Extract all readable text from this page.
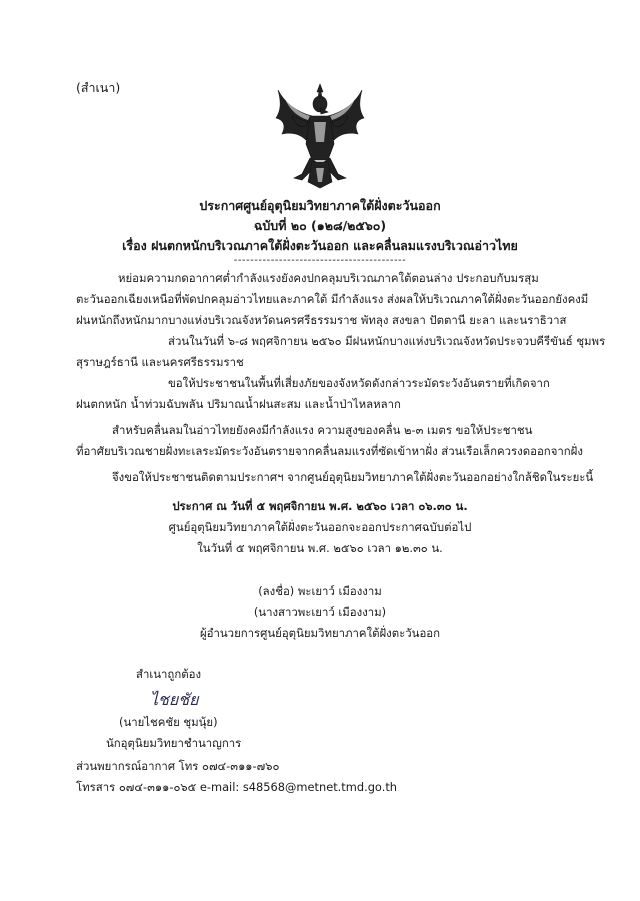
(สำเนา)
ประกาศศูนย์อุตุนิยมวิทยาภาคใต้ฝั่งตะวันออก
ฉบับที่ ๒๐ (๑๒๘/๒๕๖๐)
เรื่อง ฝนตกหนักบริเวณภาคใต้ฝั่งตะวันออก และคลื่นลมแรงบริเวณอ่าวไทย
------------------------------------------
หย่อมความกดอากาศต่ำกำลังแรงยังคงปกคลุมบริเวณภาคใต้ตอนล่าง ประกอบกับมรสุม
ตะวันออกเฉียงเหนือที่พัดปกคลุมอ่าวไทยและภาคใต้ มีกำลังแรง ส่งผลให้บริเวณภาคใต้ฝั่งตะวันออกยังคงมี
ฝนหนักถึงหนักมากบางแห่งบริเวณจังหวัดนครศรีธรรมราช พัทลุง สงขลา ปัตตานี ยะลา และนราธิวาส
ส่วนในวันที่ ๖-๘ พฤศจิกายน ๒๕๖๐ มีฝนหนักบางแห่งบริเวณจังหวัดประจวบคีรีขันธ์ ชุมพร
สุราษฎร์ธานี และนครศรีธรรมราช
ขอให้ประชาชนในพื้นที่เสี่ยงภัยของจังหวัดดังกล่าวระมัดระวังอันตรายที่เกิดจาก
ฝนตกหนัก น้ำท่วมฉับพลัน ปริมาณน้ำฝนสะสม และน้ำป่าไหลหลาก
สำหรับคลื่นลมในอ่าวไทยยังคงมีกำลังแรง ความสูงของคลื่น ๒-๓ เมตร ขอให้ประชาชน
ที่อาศัยบริเวณชายฝั่งทะเลระมัดระวังอันตรายจากคลื่นลมแรงที่ซัดเข้าหาฝั่ง ส่วนเรือเล็กควรงดออกจากฝั่ง
จึงขอให้ประชาชนติดตามประกาศฯ จากศูนย์อุตุนิยมวิทยาภาคใต้ฝั่งตะวันออกอย่างใกล้ชิดในระยะนี้
ประกาศ ณ วันที่ ๕ พฤศจิกายน พ.ศ. ๒๕๖๐ เวลา ๐๖.๓๐ น.
ศูนย์อุตุนิยมวิทยาภาคใต้ฝั่งตะวันออกจะออกประกาศฉบับต่อไป
ในวันที่ ๕ พฤศจิกายน พ.ศ. ๒๕๖๐ เวลา ๑๒.๓๐ น.
(ลงชื่อ) พะเยาว์ เมืองงาม
(นางสาวพะเยาว์ เมืองงาม)
ผู้อำนวยการศูนย์อุตุนิยมวิทยาภาคใต้ฝั่งตะวันออก
สำเนาถูกต้อง
ไชยชัย
(นายไชคชัย ชุมนุ้ย)
นักอุตุนิยมวิทยาชำนาญการ
ส่วนพยากรณ์อากาศ โทร ๐๗๔-๓๑๑-๗๖๐
โทรสาร ๐๗๔-๓๑๑-๐๖๕ e-mail: s48568@metnet.tmd.go.th
